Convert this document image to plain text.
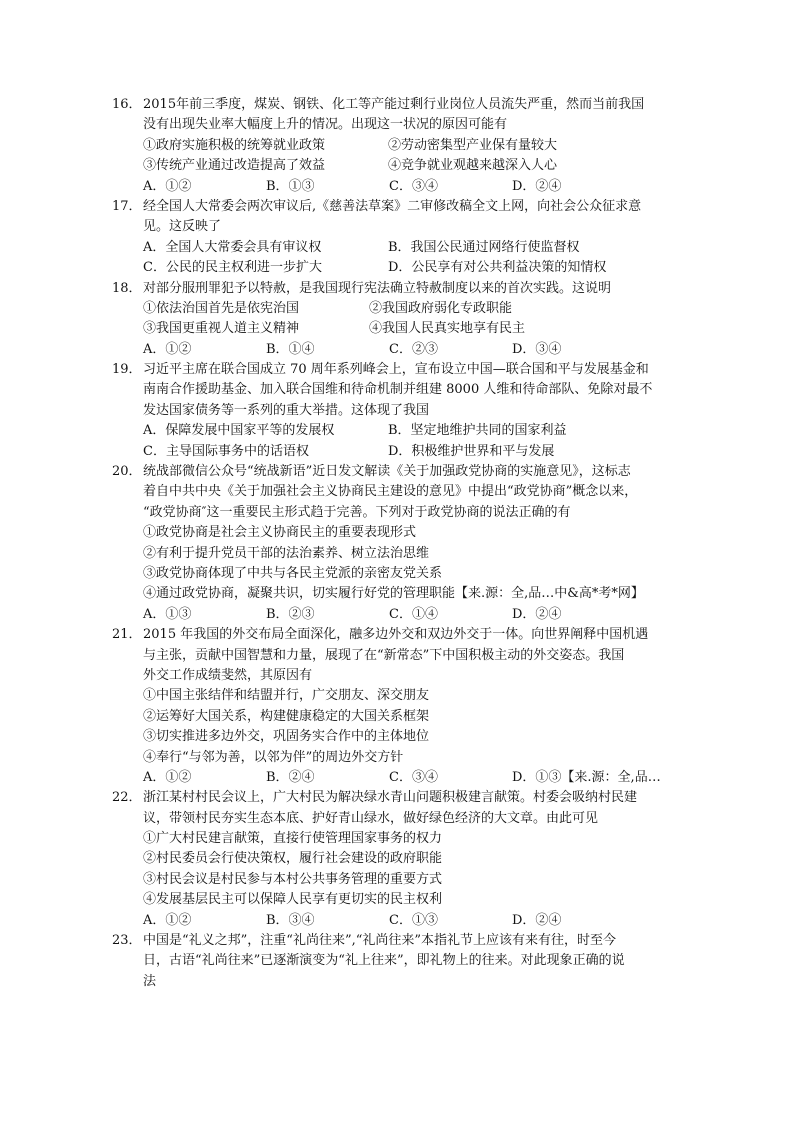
16． 2015年前三季度，煤炭、钢铁、化工等产能过剩行业岗位人员流失严重，然而当前我国
没有出现失业率大幅度上升的情况。出现这一状况的原因可能有
①政府实施积极的统筹就业政策	②劳动密集型产业保有量较大
③传统产业通过改造提高了效益	④竞争就业观越来越深入人心
A．①②	B．①③	C．③④	D．②④
17． 经全国人大常委会两次审议后,《慈善法草案》二审修改稿全文上网，向社会公众征求意
见。这反映了
A．全国人大常委会具有审议权	B．我国公民通过网络行使监督权
C．公民的民主权利进一步扩大	D．公民享有对公共利益决策的知情权
18． 对部分服刑罪犯予以特赦，是我国现行宪法确立特赦制度以来的首次实践。这说明
①依法治国首先是依宪治国	②我国政府弱化专政职能
③我国更重视人道主义精神	④我国人民真实地享有民主
A．①②	B．①④	C．②③	D．③④
19． 习近平主席在联合国成立 70 周年系列峰会上，宣布设立中国—联合国和平与发展基金和
南南合作援助基金、加入联合国维和待命机制并组建 8000 人维和待命部队、免除对最不
发达国家债务等一系列的重大举措。这体现了我国
A．保障发展中国家平等的发展权	B．坚定地维护共同的国家利益
C．主导国际事务中的话语权	D．积极维护世界和平与发展
20． 统战部微信公众号“统战新语”近日发文解读《关于加强政党协商的实施意见》，这标志
着自中共中央《关于加强社会主义协商民主建设的意见》中提出“政党协商”概念以来，
“政党协商″这一重要民主形式趋于完善。下列对于政党协商的说法正确的有
①政党协商是社会主义协商民主的重要表现形式
②有利于提升党员干部的法治素养、树立法治思维
③政党协商体现了中共与各民主党派的亲密友党关系
④通过政党协商，凝聚共识，切实履行好党的管理职能【来.源：全,品…中&高*考*网】
A．①③	B．②③	C．①④	D．②④
21． 2015 年我国的外交布局全面深化，融多边外交和双边外交于一体。向世界阐释中国机遇
与主张，贡献中国智慧和力量，展现了在“新常态”下中国积极主动的外交姿态。我国
外交工作成绩斐然，其原因有
①中国主张结伴和结盟并行，广交朋友、深交朋友
②运筹好大国关系，构建健康稳定的大国关系框架
③切实推进多边外交，巩固务实合作中的主体地位
④奉行“与邻为善，以邻为伴”的周边外交方针
A．①②	B．②④	C．③④	D．①③【来.源：全,品…
22． 浙江某村村民会议上，广大村民为解决绿水青山问题积极建言献策。村委会吸纳村民建
议，带领村民夯实生态本底、护好青山绿水，做好绿色经济的大文章。由此可见
①广大村民建言献策，直接行使管理国家事务的权力
②村民委员会行使决策权，履行社会建设的政府职能
③村民会议是村民参与本村公共事务管理的重要方式
④发展基层民主可以保障人民享有更切实的民主权利
A．①②	B．③④	C．①③	D．②④
23． 中国是“礼义之邦”，注重“礼尚往来”,“礼尚往来”本指礼节上应该有来有往，时至今
日，古语“礼尚往来”已逐渐演变为“礼上往来”，即礼物上的往来。对此现象正确的说
法
